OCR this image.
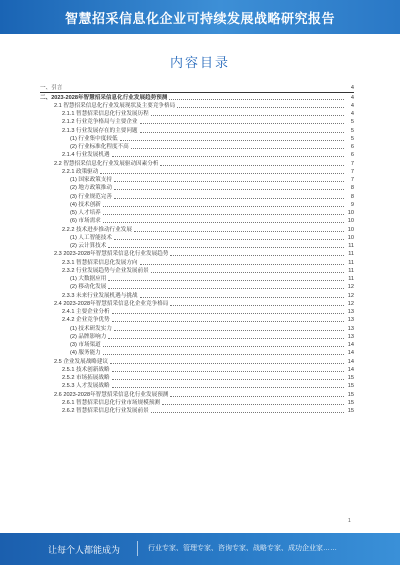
智慧招采信息化企业可持续发展战略研究报告
内容目录
一、引言	4
二、2023-2028年智慧招采信息化行业发展趋势预测	4
2.1 智慧招采信息化行业发展现状及主要竞争格局	4
2.1.1 智慧招采信息化行业发展历程	4
2.1.2 行业竞争格局与主要企业	5
2.1.3 行业发展存在的主要问题	5
(1) 行业集中度较低	5
(2) 行业标准化程度不高	6
2.1.4 行业发展机遇	6
2.2 智慧招采信息化行业发展驱动因素分析	7
2.2.1 政策驱动	7
(1) 国家政策支持	7
(2) 地方政策推动	8
(3) 行业规范完善	8
(4) 技术创新	9
(5) 人才培养	10
(6) 市场需求	10
2.2.2 技术进步推动行业发展	10
(1) 人工智能技术	10
(2) 云计算技术	11
2.3 2023-2028年智慧招采信息化行业发展趋势	11
2.3.1 智慧招采信息化发展方向	11
2.3.2 行业发展趋势与企业发展前景	11
(1) 大数据应用	11
(2) 移动化发展	12
2.3.3 未来行业发展机遇与挑战	12
2.4 2023-2028年智慧招采信息化企业竞争格局	12
2.4.1 主要企业分析	13
2.4.2 企业竞争优势	13
(1) 技术研发实力	13
(2) 品牌影响力	13
(3) 市场渠道	14
(4) 服务能力	14
2.5 企业发展战略建议	14
2.5.1 技术创新战略	14
2.5.2 市场拓展战略	15
2.5.3 人才发展战略	15
2.6 2023-2028年智慧招采信息化行业发展预测	15
2.6.1 智慧招采信息化行业市场规模预测	15
2.6.2 智慧招采信息化行业发展前景	15
1
让每个人都能成为	行业专家、管理专家、咨询专家、战略专家、成功企业家……
